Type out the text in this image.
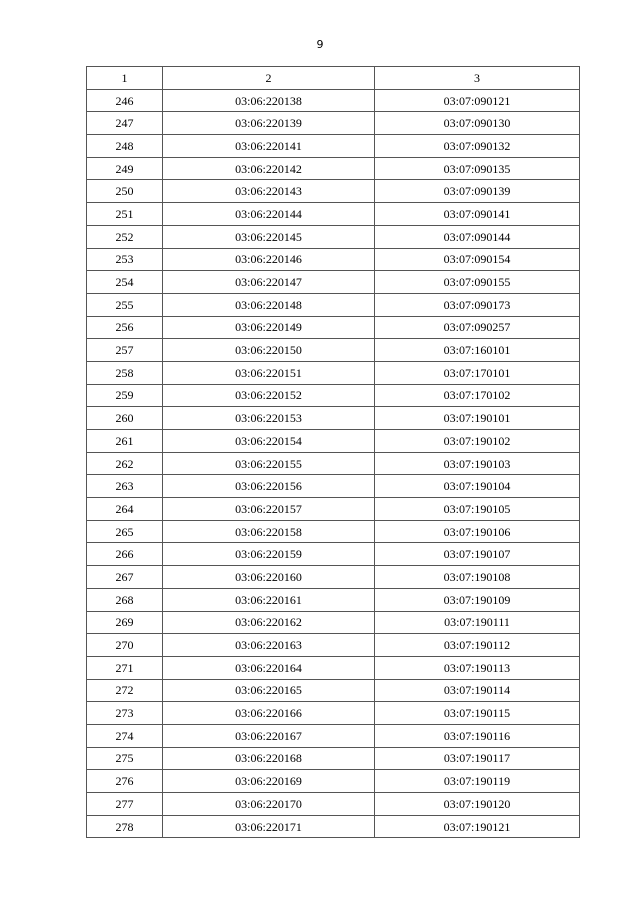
9
1	2	3
246	03:06:220138	03:07:090121
247	03:06:220139	03:07:090130
248	03:06:220141	03:07:090132
249	03:06:220142	03:07:090135
250	03:06:220143	03:07:090139
251	03:06:220144	03:07:090141
252	03:06:220145	03:07:090144
253	03:06:220146	03:07:090154
254	03:06:220147	03:07:090155
255	03:06:220148	03:07:090173
256	03:06:220149	03:07:090257
257	03:06:220150	03:07:160101
258	03:06:220151	03:07:170101
259	03:06:220152	03:07:170102
260	03:06:220153	03:07:190101
261	03:06:220154	03:07:190102
262	03:06:220155	03:07:190103
263	03:06:220156	03:07:190104
264	03:06:220157	03:07:190105
265	03:06:220158	03:07:190106
266	03:06:220159	03:07:190107
267	03:06:220160	03:07:190108
268	03:06:220161	03:07:190109
269	03:06:220162	03:07:190111
270	03:06:220163	03:07:190112
271	03:06:220164	03:07:190113
272	03:06:220165	03:07:190114
273	03:06:220166	03:07:190115
274	03:06:220167	03:07:190116
275	03:06:220168	03:07:190117
276	03:06:220169	03:07:190119
277	03:06:220170	03:07:190120
278	03:06:220171	03:07:190121
